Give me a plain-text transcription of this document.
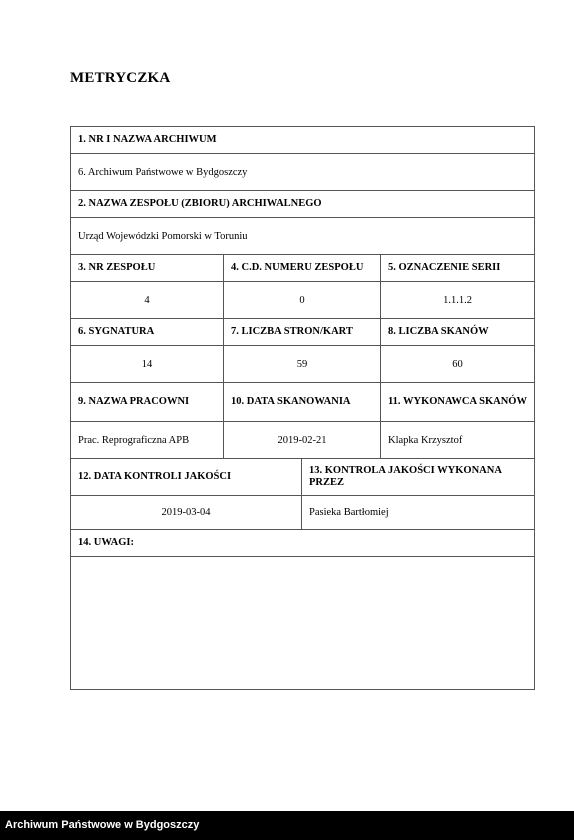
METRYCZKA
1. NR I NAZWA ARCHIWUM			
6. Archiwum Państwowe w Bydgoszczy			
2. NAZWA ZESPOŁU (ZBIORU) ARCHIWALNEGO			
Urząd Wojewódzki Pomorski w Toruniu			
3. NR ZESPOŁU	4. C.D. NUMERU ZESPOŁU		5. OZNACZENIE SERII
4	0		1.1.1.2
6. SYGNATURA	7. LICZBA STRON/KART		8. LICZBA SKANÓW
14	59		60
9. NAZWA PRACOWNI	10. DATA SKANOWANIA		11. WYKONAWCA SKANÓW
Prac. Reprograficzna APB	2019-02-21		Klapka Krzysztof
12. DATA KONTROLI JAKOŚCI		13. KONTROLA JAKOŚCI WYKONANA PRZEZ	
2019-03-04		Pasieka Bartłomiej	
14. UWAGI:			

Archiwum Państwowe w Bydgoszczy
